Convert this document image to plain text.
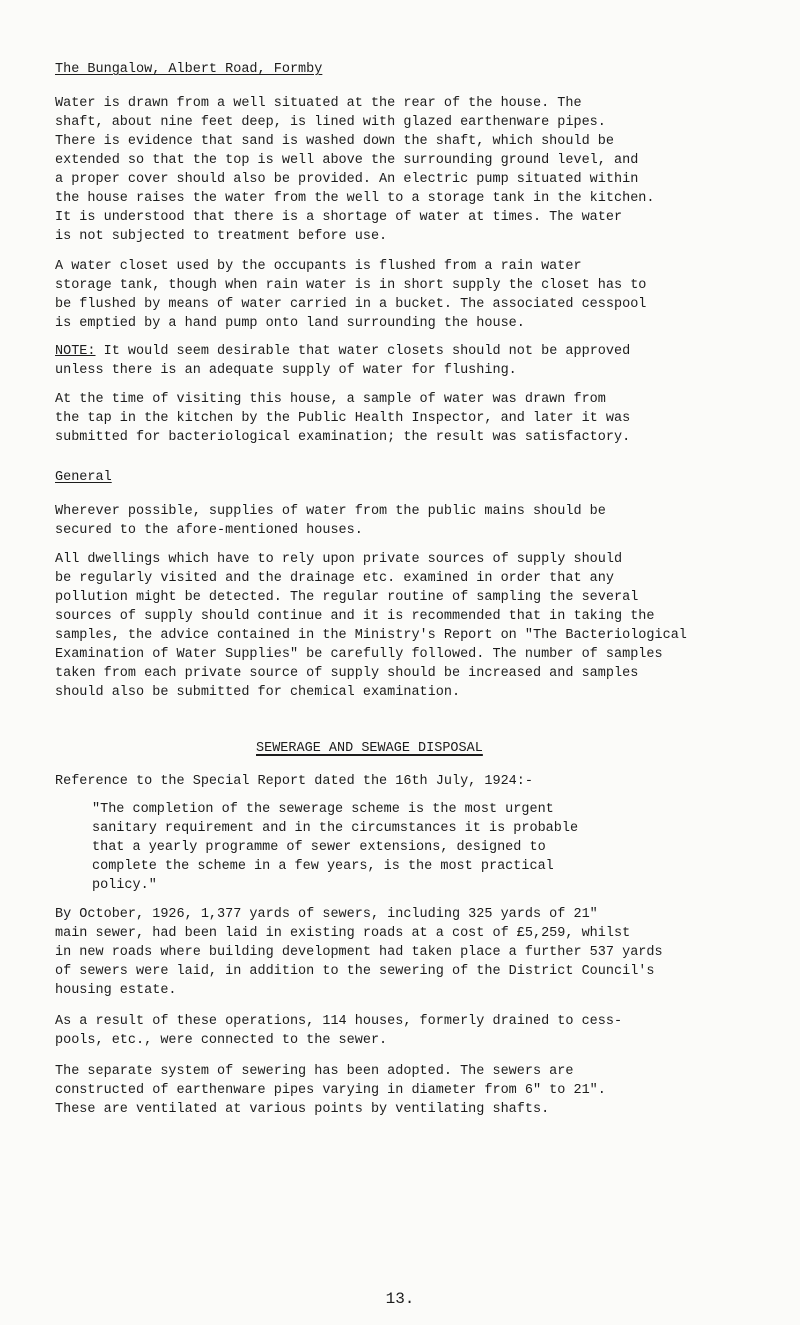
The Bungalow, Albert Road, Formby

Water is drawn from a well situated at the rear of the house. The
shaft, about nine feet deep, is lined with glazed earthenware pipes.
There is evidence that sand is washed down the shaft, which should be
extended so that the top is well above the surrounding ground level, and
a proper cover should also be provided. An electric pump situated within
the house raises the water from the well to a storage tank in the kitchen.
It is understood that there is a shortage of water at times. The water
is not subjected to treatment before use.

A water closet used by the occupants is flushed from a rain water
storage tank, though when rain water is in short supply the closet has to
be flushed by means of water carried in a bucket. The associated cesspool
is emptied by a hand pump onto land surrounding the house.

NOTE: It would seem desirable that water closets should not be approved
unless there is an adequate supply of water for flushing.

At the time of visiting this house, a sample of water was drawn from
the tap in the kitchen by the Public Health Inspector, and later it was
submitted for bacteriological examination; the result was satisfactory.

General

Wherever possible, supplies of water from the public mains should be
secured to the afore-mentioned houses.

All dwellings which have to rely upon private sources of supply should
be regularly visited and the drainage etc. examined in order that any
pollution might be detected. The regular routine of sampling the several
sources of supply should continue and it is recommended that in taking the
samples, the advice contained in the Ministry's Report on "The Bacteriological
Examination of Water Supplies" be carefully followed. The number of samples
taken from each private source of supply should be increased and samples
should also be submitted for chemical examination.

SEWERAGE AND SEWAGE DISPOSAL

Reference to the Special Report dated the 16th July, 1924:-

"The completion of the sewerage scheme is the most urgent
sanitary requirement and in the circumstances it is probable
that a yearly programme of sewer extensions, designed to
complete the scheme in a few years, is the most practical
policy."

By October, 1926, 1,377 yards of sewers, including 325 yards of 21"
main sewer, had been laid in existing roads at a cost of £5,259, whilst
in new roads where building development had taken place a further 537 yards
of sewers were laid, in addition to the sewering of the District Council's
housing estate.

As a result of these operations, 114 houses, formerly drained to cess-
pools, etc., were connected to the sewer.

The separate system of sewering has been adopted. The sewers are
constructed of earthenware pipes varying in diameter from 6" to 21".
These are ventilated at various points by ventilating shafts.

13.
